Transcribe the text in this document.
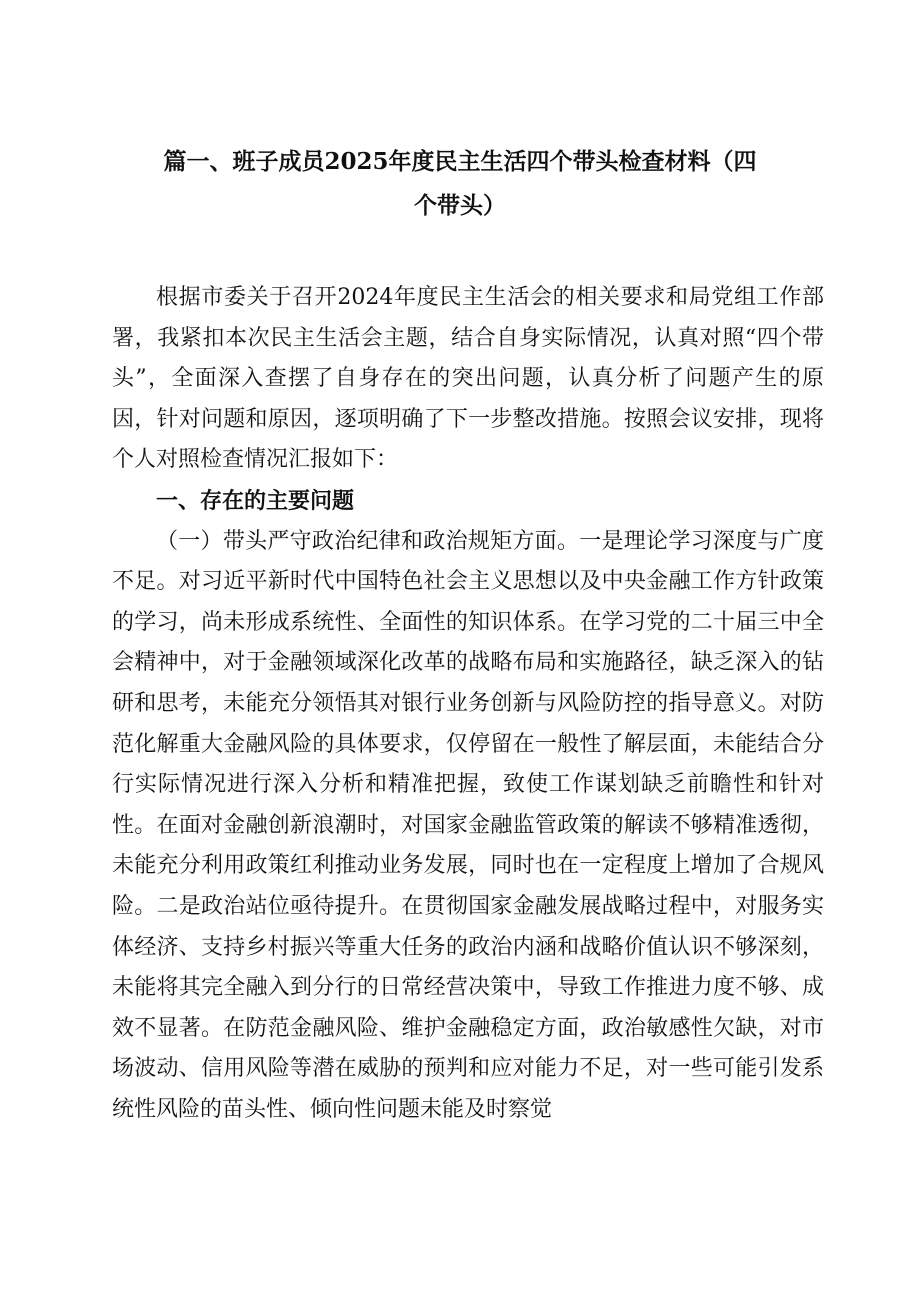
篇一、班子成员2025年度民主生活四个带头检查材料（四
个带头）

根据市委关于召开2024年度民主生活会的相关要求和局党组工作部署，我紧扣本次民主生活会主题，结合自身实际情况，认真对照“四个带头”，全面深入查摆了自身存在的突出问题，认真分析了问题产生的原因，针对问题和原因，逐项明确了下一步整改措施。按照会议安排，现将个人对照检查情况汇报如下：

一、存在的主要问题

（一）带头严守政治纪律和政治规矩方面。一是理论学习深度与广度不足。对习近平新时代中国特色社会主义思想以及中央金融工作方针政策的学习，尚未形成系统性、全面性的知识体系。在学习党的二十届三中全会精神中，对于金融领域深化改革的战略布局和实施路径，缺乏深入的钻研和思考，未能充分领悟其对银行业务创新与风险防控的指导意义。对防范化解重大金融风险的具体要求，仅停留在一般性了解层面，未能结合分行实际情况进行深入分析和精准把握，致使工作谋划缺乏前瞻性和针对性。在面对金融创新浪潮时，对国家金融监管政策的解读不够精准透彻，未能充分利用政策红利推动业务发展，同时也在一定程度上增加了合规风险。二是政治站位亟待提升。在贯彻国家金融发展战略过程中，对服务实体经济、支持乡村振兴等重大任务的政治内涵和战略价值认识不够深刻，未能将其完全融入到分行的日常经营决策中，导致工作推进力度不够、成效不显著。在防范金融风险、维护金融稳定方面，政治敏感性欠缺，对市场波动、信用风险等潜在威胁的预判和应对能力不足，对一些可能引发系统性风险的苗头性、倾向性问题未能及时察觉
